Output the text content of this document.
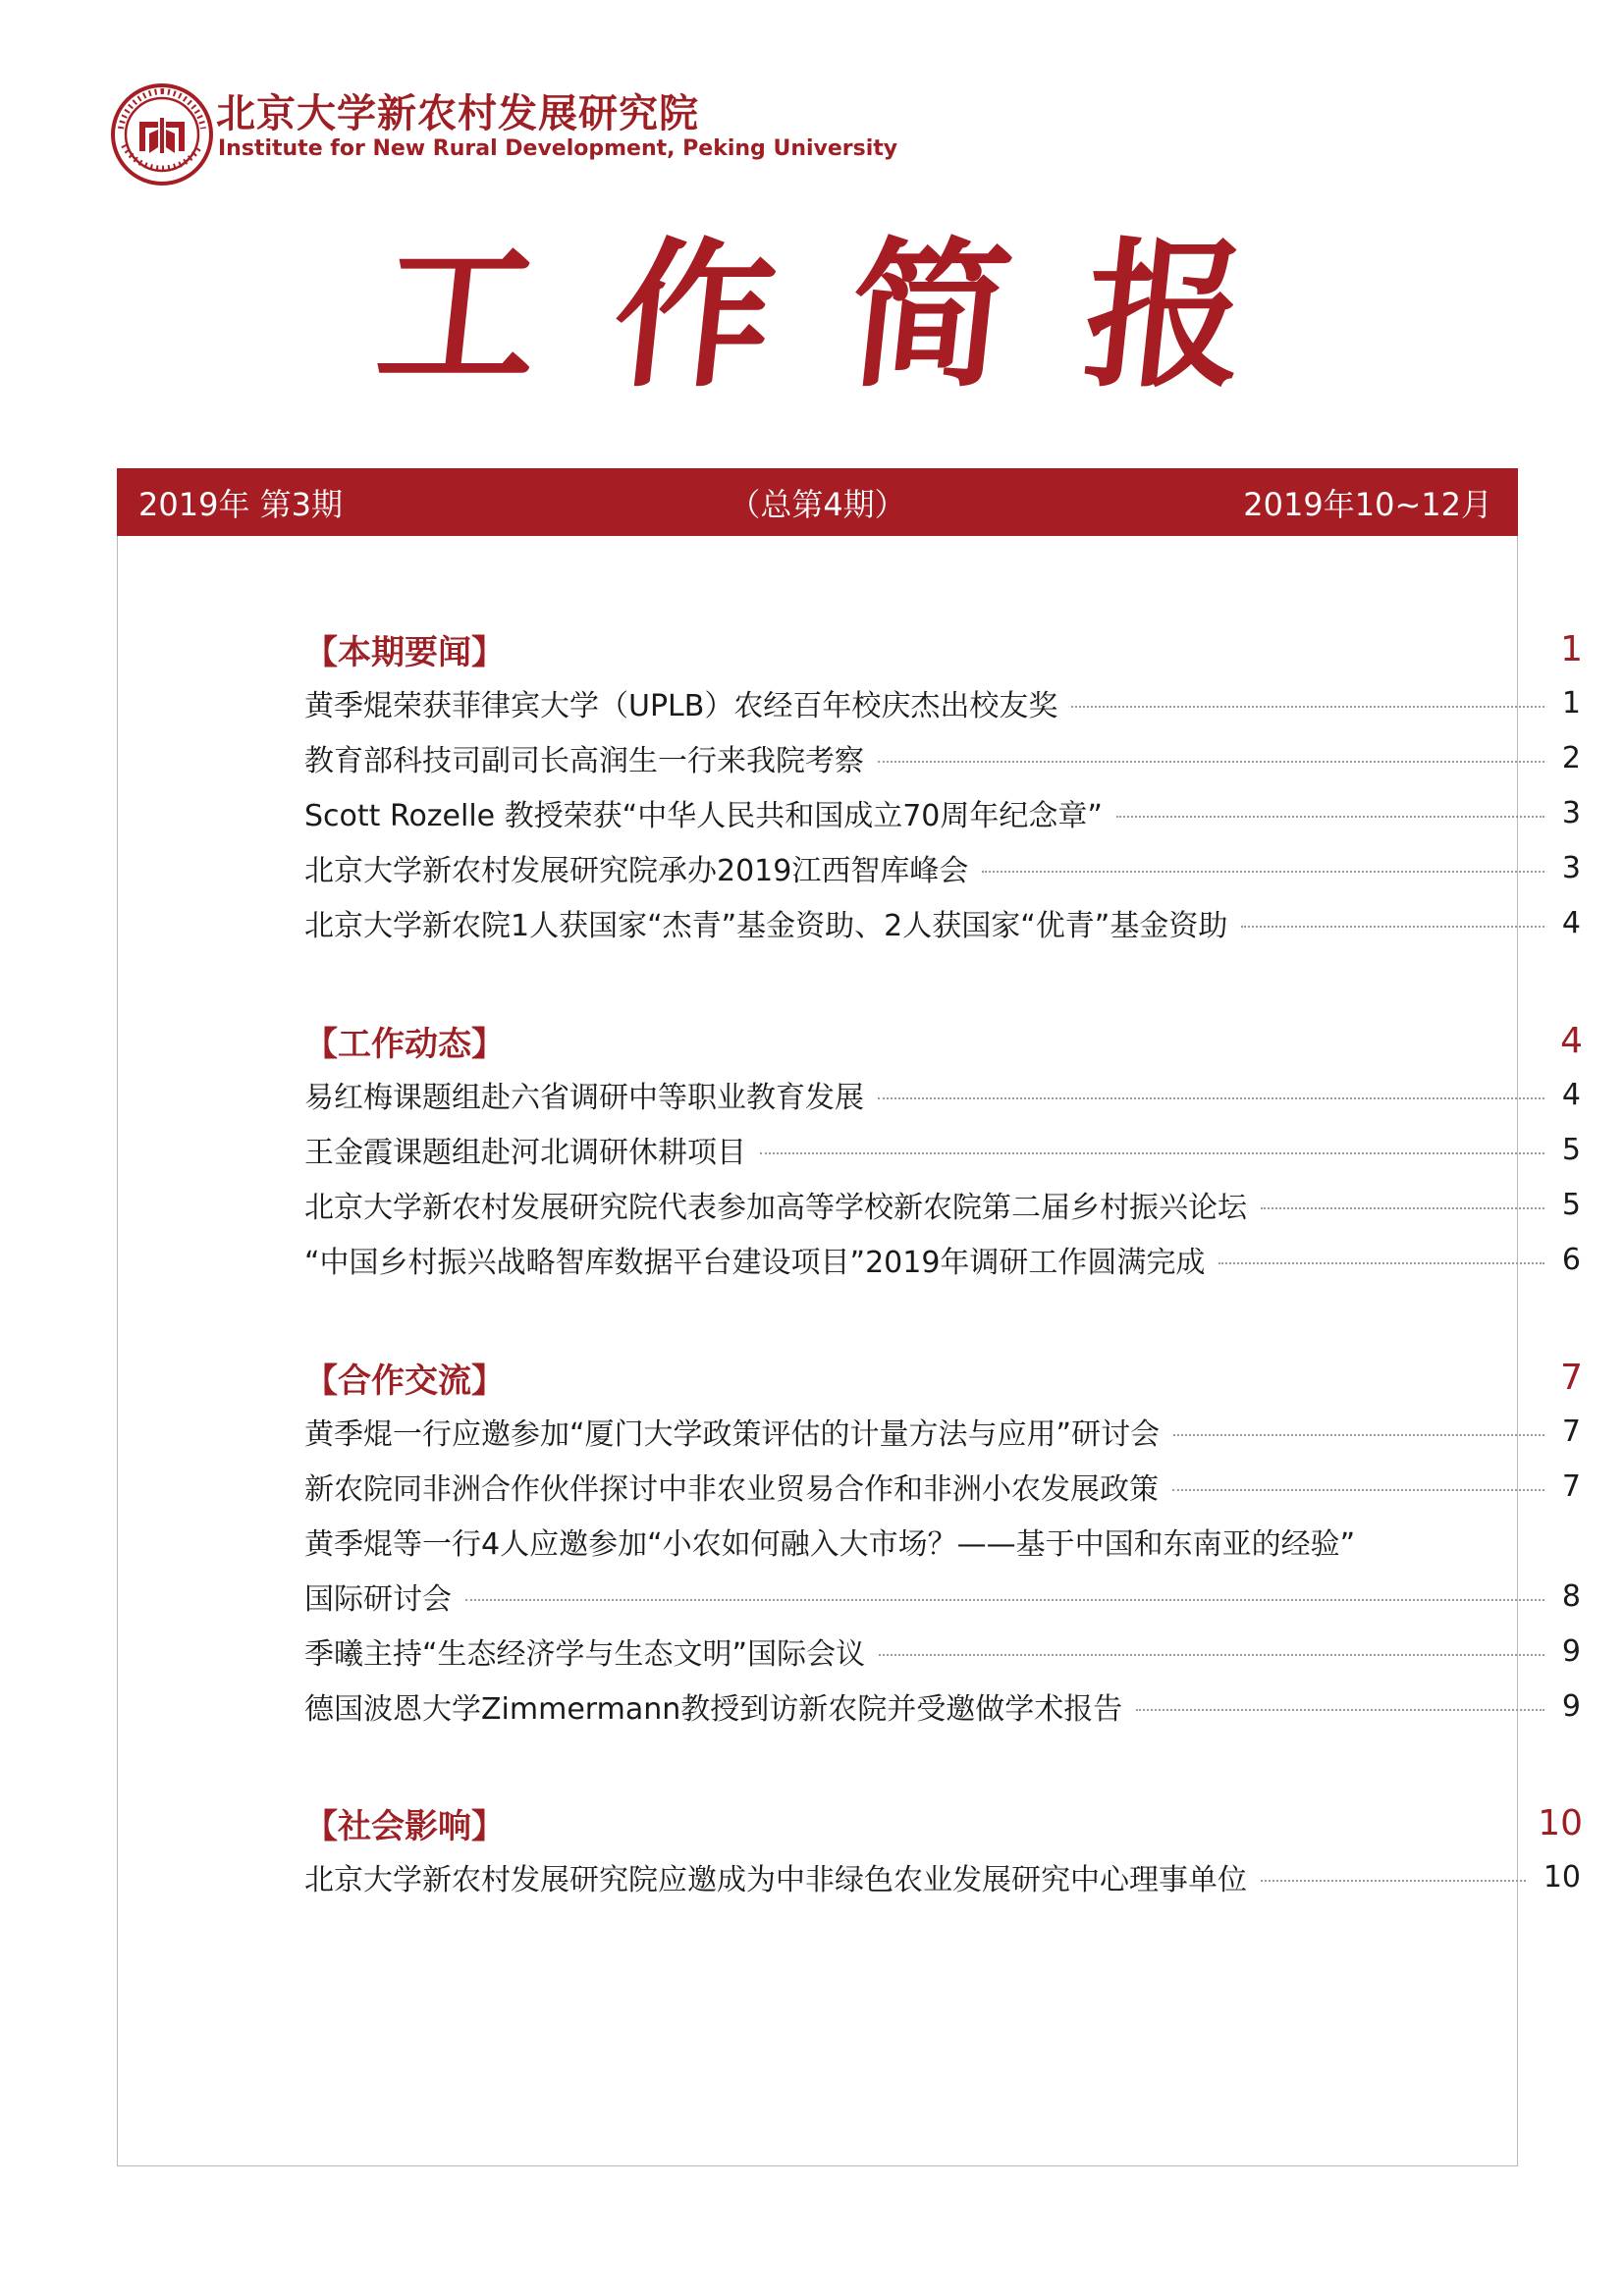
北京大学新农村发展研究院
Institute for New Rural Development, Peking University
工作简报
2019年 第3期	（总第4期）	2019年10~12月
【本期要闻】	1
黄季焜荣获菲律宾大学（UPLB）农经百年校庆杰出校友奖	1
教育部科技司副司长高润生一行来我院考察	2
Scott Rozelle 教授荣获“中华人民共和国成立70周年纪念章”	3
北京大学新农村发展研究院承办2019江西智库峰会	3
北京大学新农院1人获国家“杰青”基金资助、2人获国家“优青”基金资助	4
【工作动态】	4
易红梅课题组赴六省调研中等职业教育发展	4
王金霞课题组赴河北调研休耕项目	5
北京大学新农村发展研究院代表参加高等学校新农院第二届乡村振兴论坛	5
“中国乡村振兴战略智库数据平台建设项目”2019年调研工作圆满完成	6
【合作交流】	7
黄季焜一行应邀参加“厦门大学政策评估的计量方法与应用”研讨会	7
新农院同非洲合作伙伴探讨中非农业贸易合作和非洲小农发展政策	7
黄季焜等一行4人应邀参加“小农如何融入大市场？——基于中国和东南亚的经验”
国际研讨会	8
季曦主持“生态经济学与生态文明”国际会议	9
德国波恩大学Zimmermann教授到访新农院并受邀做学术报告	9
【社会影响】	10
北京大学新农村发展研究院应邀成为中非绿色农业发展研究中心理事单位	10
